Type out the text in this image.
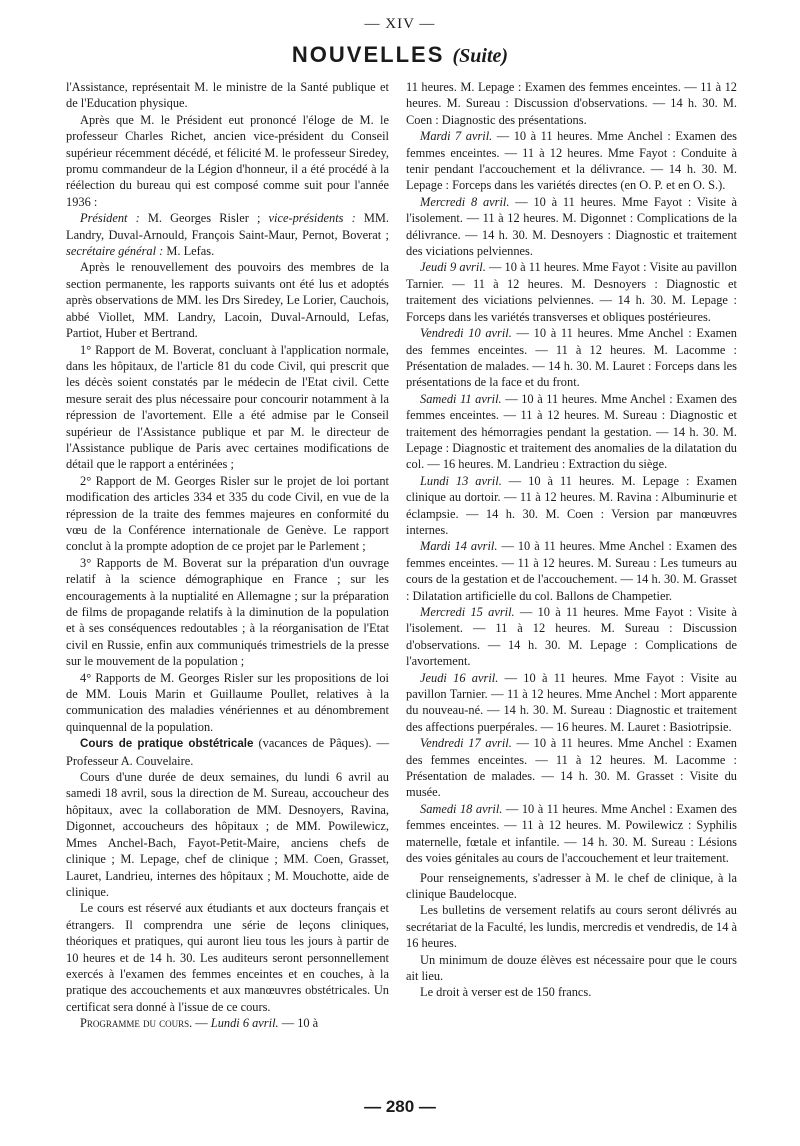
— XIV —
NOUVELLES (Suite)

l'Assistance, représentait M. le ministre de la Santé publique et de l'Education physique.

Après que M. le Président eut prononcé l'éloge de M. le professeur Charles Richet, ancien vice-président du Conseil supérieur récemment décédé, et félicité M. le professeur Siredey, promu commandeur de la Légion d'honneur, il a été procédé à la réélection du bureau qui est composé comme suit pour l'année 1936 :

Président : M. Georges Risler ; vice-présidents : MM. Landry, Duval-Arnould, François Saint-Maur, Pernot, Boverat ; secrétaire général : M. Lefas.

Après le renouvellement des pouvoirs des membres de la section permanente, les rapports suivants ont été lus et adoptés après observations de MM. les Drs Siredey, Le Lorier, Cauchois, abbé Viollet, MM. Landry, Lacoin, Duval-Arnould, Lefas, Partiot, Huber et Bertrand.

1° Rapport de M. Boverat, concluant à l'application normale, dans les hôpitaux, de l'article 81 du code Civil, qui prescrit que les décès soient constatés par le médecin de l'Etat civil. Cette mesure serait des plus nécessaire pour concourir notamment à la répression de l'avortement. Elle a été admise par le Conseil supérieur de l'Assistance publique et par M. le directeur de l'Assistance publique de Paris avec certaines modifications de détail que le rapport a entérinées ;

2° Rapport de M. Georges Risler sur le projet de loi portant modification des articles 334 et 335 du code Civil, en vue de la répression de la traite des femmes majeures en conformité du vœu de la Conférence internationale de Genève. Le rapport conclut à la prompte adoption de ce projet par le Parlement ;

3° Rapports de M. Boverat sur la préparation d'un ouvrage relatif à la science démographique en France ; sur les encouragements à la nuptialité en Allemagne ; sur la préparation de films de propagande relatifs à la diminution de la population et à ses conséquences redoutables ; à la réorganisation de l'Etat civil en Russie, enfin aux communiqués trimestriels de la presse sur le mouvement de la population ;

4° Rapports de M. Georges Risler sur les propositions de loi de MM. Louis Marin et Guillaume Poullet, relatives à la communication des maladies vénériennes et au dénombrement quinquennal de la population.

Cours de pratique obstétricale (vacances de Pâques). — Professeur A. Couvelaire.

Cours d'une durée de deux semaines, du lundi 6 avril au samedi 18 avril, sous la direction de M. Sureau, accoucheur des hôpitaux, avec la collaboration de MM. Desnoyers, Ravina, Digonnet, accoucheurs des hôpitaux ; de MM. Powilewicz, Mmes Anchel-Bach, Fayot-Petit-Maire, anciens chefs de clinique ; M. Lepage, chef de clinique ; MM. Coen, Grasset, Lauret, Landrieu, internes des hôpitaux ; M. Mouchotte, aide de clinique.

Le cours est réservé aux étudiants et aux docteurs français et étrangers. Il comprendra une série de leçons cliniques, théoriques et pratiques, qui auront lieu tous les jours à partir de 10 heures et de 14 h. 30. Les auditeurs seront personnellement exercés à l'examen des femmes enceintes et en couches, à la pratique des accouchements et aux manœuvres obstétricales. Un certificat sera donné à l'issue de ce cours.

Programme du cours. — Lundi 6 avril. — 10 à

11 heures. M. Lepage : Examen des femmes enceintes. — 11 à 12 heures. M. Sureau : Discussion d'observations. — 14 h. 30. M. Coen : Diagnostic des présentations.

Mardi 7 avril. — 10 à 11 heures. Mme Anchel : Examen des femmes enceintes. — 11 à 12 heures. Mme Fayot : Conduite à tenir pendant l'accouchement et la délivrance. — 14 h. 30. M. Lepage : Forceps dans les variétés directes (en O. P. et en O. S.).

Mercredi 8 avril. — 10 à 11 heures. Mme Fayot : Visite à l'isolement. — 11 à 12 heures. M. Digonnet : Complications de la délivrance. — 14 h. 30. M. Desnoyers : Diagnostic et traitement des viciations pelviennes.

Jeudi 9 avril. — 10 à 11 heures. Mme Fayot : Visite au pavillon Tarnier. — 11 à 12 heures. M. Desnoyers : Diagnostic et traitement des viciations pelviennes. — 14 h. 30. M. Lepage : Forceps dans les variétés transverses et obliques postérieures.

Vendredi 10 avril. — 10 à 11 heures. Mme Anchel : Examen des femmes enceintes. — 11 à 12 heures. M. Lacomme : Présentation de malades. — 14 h. 30. M. Lauret : Forceps dans les présentations de la face et du front.

Samedi 11 avril. — 10 à 11 heures. Mme Anchel : Examen des femmes enceintes. — 11 à 12 heures. M. Sureau : Diagnostic et traitement des hémorragies pendant la gestation. — 14 h. 30. M. Lepage : Diagnostic et traitement des anomalies de la dilatation du col. — 16 heures. M. Landrieu : Extraction du siège.

Lundi 13 avril. — 10 à 11 heures. M. Lepage : Examen clinique au dortoir. — 11 à 12 heures. M. Ravina : Albuminurie et éclampsie. — 14 h. 30. M. Coen : Version par manœuvres internes.

Mardi 14 avril. — 10 à 11 heures. Mme Anchel : Examen des femmes enceintes. — 11 à 12 heures. M. Sureau : Les tumeurs au cours de la gestation et de l'accouchement. — 14 h. 30. M. Grasset : Dilatation artificielle du col. Ballons de Champetier.

Mercredi 15 avril. — 10 à 11 heures. Mme Fayot : Visite à l'isolement. — 11 à 12 heures. M. Sureau : Discussion d'observations. — 14 h. 30. M. Lepage : Complications de l'avortement.

Jeudi 16 avril. — 10 à 11 heures. Mme Fayot : Visite au pavillon Tarnier. — 11 à 12 heures. Mme Anchel : Mort apparente du nouveau-né. — 14 h. 30. M. Sureau : Diagnostic et traitement des affections puerpérales. — 16 heures. M. Lauret : Basiotripsie.

Vendredi 17 avril. — 10 à 11 heures. Mme Anchel : Examen des femmes enceintes. — 11 à 12 heures. M. Lacomme : Présentation de malades. — 14 h. 30. M. Grasset : Visite du musée.

Samedi 18 avril. — 10 à 11 heures. Mme Anchel : Examen des femmes enceintes. — 11 à 12 heures. M. Powilewicz : Syphilis maternelle, fœtale et infantile. — 14 h. 30. M. Sureau : Lésions des voies génitales au cours de l'accouchement et leur traitement.

Pour renseignements, s'adresser à M. le chef de clinique, à la clinique Baudelocque.

Les bulletins de versement relatifs au cours seront délivrés au secrétariat de la Faculté, les lundis, mercredis et vendredis, de 14 à 16 heures.

Un minimum de douze élèves est nécessaire pour que le cours ait lieu.

Le droit à verser est de 150 francs.

— 280 —
